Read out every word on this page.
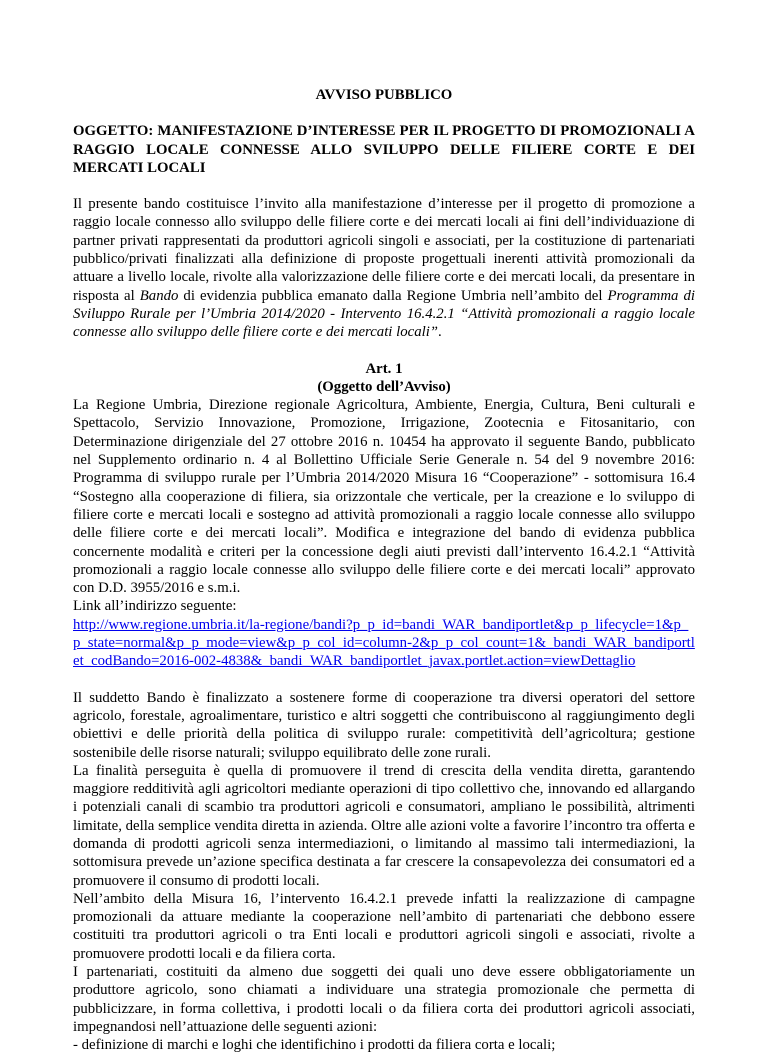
AVVISO PUBBLICO

OGGETTO: MANIFESTAZIONE D’INTERESSE PER IL PROGETTO DI PROMOZIONALI A RAGGIO LOCALE CONNESSE ALLO SVILUPPO DELLE FILIERE CORTE E DEI MERCATI LOCALI

Il presente bando costituisce l’invito alla manifestazione d’interesse per il progetto di promozione a raggio locale connesso allo sviluppo delle filiere corte e dei mercati locali ai fini dell’individuazione di partner privati rappresentati da produttori agricoli singoli e associati, per la costituzione di partenariati pubblico/privati finalizzati alla definizione di proposte progettuali inerenti attività promozionali da attuare a livello locale, rivolte alla valorizzazione delle filiere corte e dei mercati locali, da presentare in risposta al Bando di evidenzia pubblica emanato dalla Regione Umbria nell’ambito del Programma di Sviluppo Rurale per l’Umbria 2014/2020 - Intervento 16.4.2.1 “Attività promozionali a raggio locale connesse allo sviluppo delle filiere corte e dei mercati locali”.

Art. 1

(Oggetto dell’Avviso)

La Regione Umbria, Direzione regionale Agricoltura, Ambiente, Energia, Cultura, Beni culturali e Spettacolo, Servizio Innovazione, Promozione, Irrigazione, Zootecnia e Fitosanitario, con Determinazione dirigenziale del 27 ottobre 2016 n. 10454 ha approvato il seguente Bando, pubblicato nel Supplemento ordinario n. 4 al Bollettino Ufficiale Serie Generale n. 54 del 9 novembre 2016: Programma di sviluppo rurale per l’Umbria 2014/2020 Misura 16 “Cooperazione” - sottomisura 16.4 “Sostegno alla cooperazione di filiera, sia orizzontale che verticale, per la creazione e lo sviluppo di filiere corte e mercati locali e sostegno ad attività promozionali a raggio locale connesse allo sviluppo delle filiere corte e dei mercati locali”. Modifica e integrazione del bando di evidenza pubblica concernente modalità e criteri per la concessione degli aiuti previsti dall’intervento 16.4.2.1 “Attività promozionali a raggio locale connesse allo sviluppo delle filiere corte e dei mercati locali” approvato con D.D. 3955/2016 e s.m.i.

Link all’indirizzo seguente:

http://www.regione.umbria.it/la-regione/bandi?p_p_id=bandi_WAR_bandiportlet&p_p_lifecycle=1&p_p_state=normal&p_p_mode=view&p_p_col_id=column-2&p_p_col_count=1&_bandi_WAR_bandiportlet_codBando=2016-002-4838&_bandi_WAR_bandiportlet_javax.portlet.action=viewDettaglio

Il suddetto Bando è finalizzato a sostenere forme di cooperazione tra diversi operatori del settore agricolo, forestale, agroalimentare, turistico e altri soggetti che contribuiscono al raggiungimento degli obiettivi e delle priorità della politica di sviluppo rurale: competitività dell’agricoltura; gestione sostenibile delle risorse naturali; sviluppo equilibrato delle zone rurali.

La finalità perseguita è quella di promuovere il trend di crescita della vendita diretta, garantendo maggiore redditività agli agricoltori mediante operazioni di tipo collettivo che, innovando ed allargando i potenziali canali di scambio tra produttori agricoli e consumatori, ampliano le possibilità, altrimenti limitate, della semplice vendita diretta in azienda. Oltre alle azioni volte a favorire l’incontro tra offerta e domanda di prodotti agricoli senza intermediazioni, o limitando al massimo tali intermediazioni, la sottomisura prevede un’azione specifica destinata a far crescere la consapevolezza dei consumatori ed a promuovere il consumo di prodotti locali.

Nell’ambito della Misura 16, l’intervento 16.4.2.1 prevede infatti la realizzazione di campagne promozionali da attuare mediante la cooperazione nell’ambito di partenariati che debbono essere costituiti tra produttori agricoli o tra Enti locali e produttori agricoli singoli e associati, rivolte a promuovere prodotti locali e da filiera corta.

I partenariati, costituiti da almeno due soggetti dei quali uno deve essere obbligatoriamente un produttore agricolo, sono chiamati a individuare una strategia promozionale che permetta di pubblicizzare, in forma collettiva, i prodotti locali o da filiera corta dei produttori agricoli associati, impegnandosi nell’attuazione delle seguenti azioni:

- definizione di marchi e loghi che identifichino i prodotti da filiera corta e locali;
